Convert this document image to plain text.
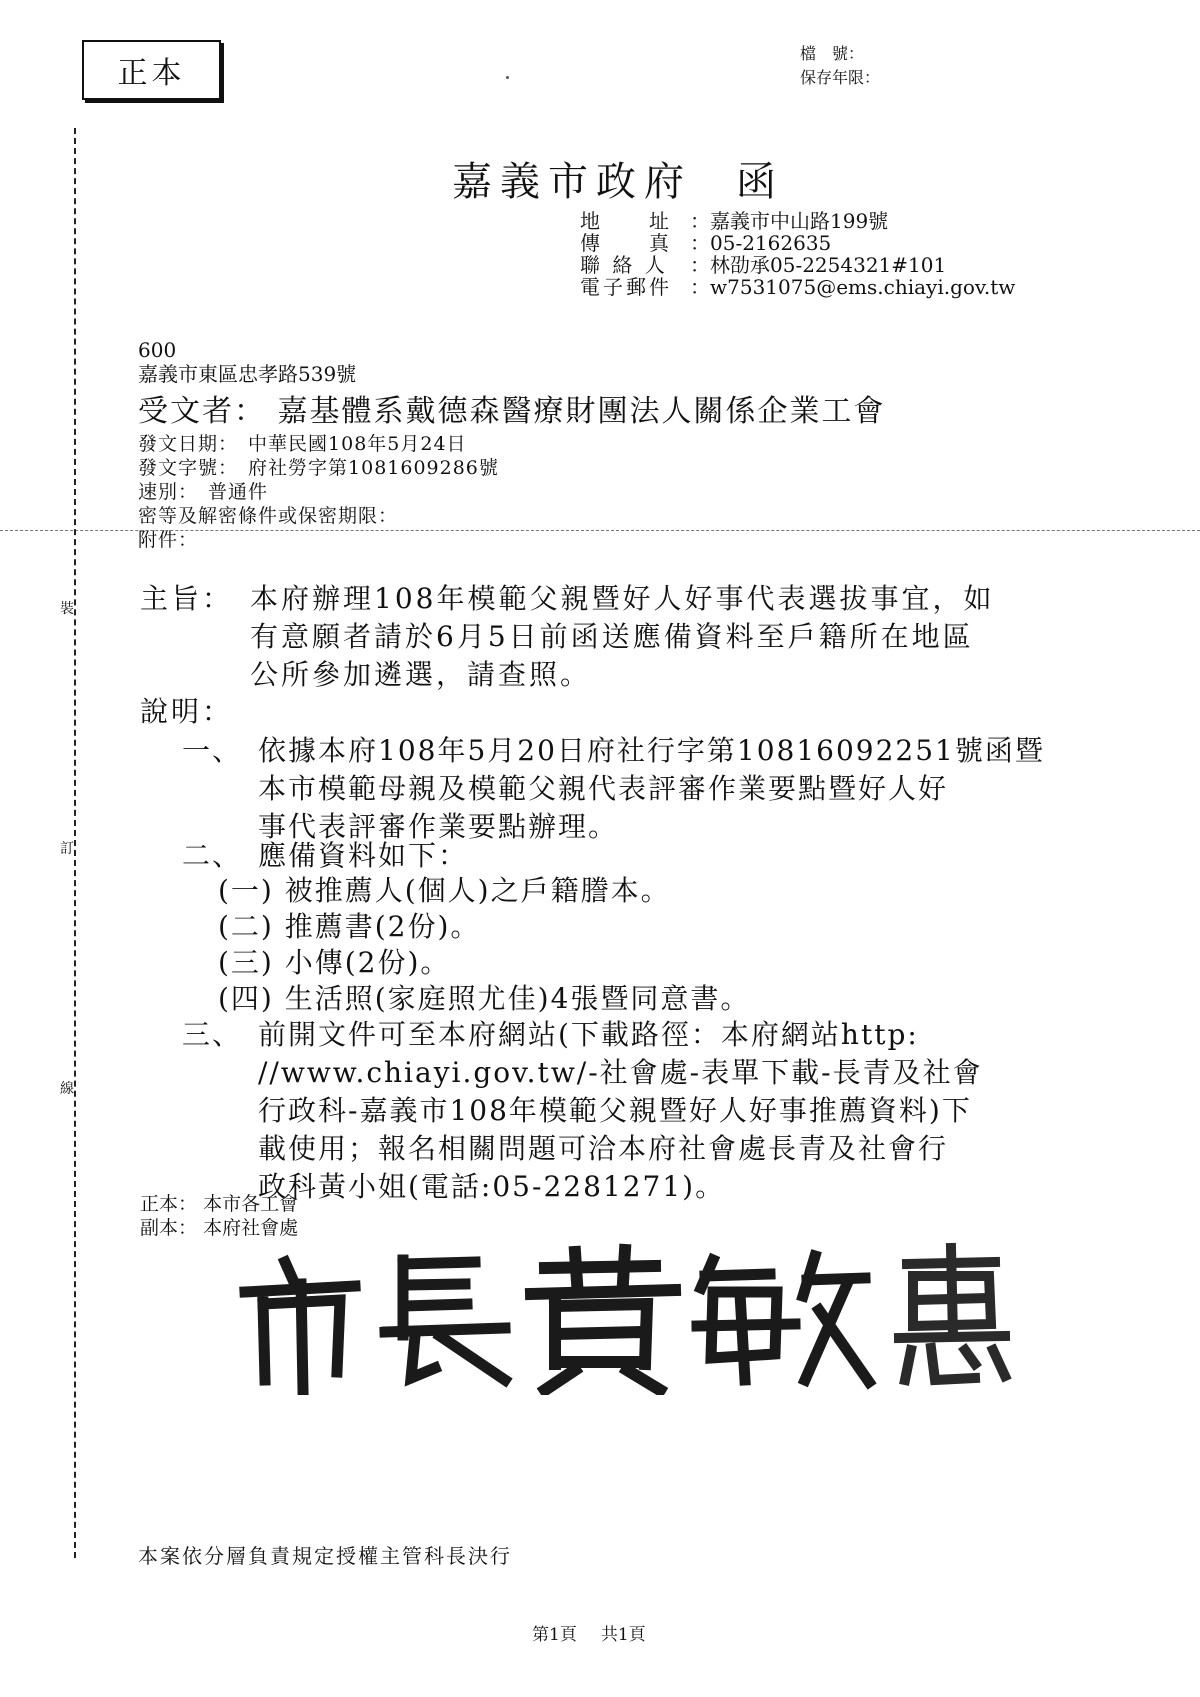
正本
檔　號：
保存年限：
嘉義市政府 函
地　　址 ：嘉義市中山路199號
傳　　真 ：05-2162635
聯 絡 人	：林劭承05-2254321#101
電子郵件 ：w7531075@ems.chiayi.gov.tw
600
嘉義市東區忠孝路539號
受文者： 嘉基體系戴德森醫療財團法人關係企業工會
發文日期： 中華民國108年5月24日
發文字號： 府社勞字第1081609286號
速別： 普通件
密等及解密條件或保密期限：
附件：
裝
訂
線
主旨： 本府辦理108年模範父親暨好人好事代表選拔事宜，如
有意願者請於6月5日前函送應備資料至戶籍所在地區
公所參加遴選，請查照。
說明：
一、 依據本府108年5月20日府社行字第10816092251號函暨
本市模範母親及模範父親代表評審作業要點暨好人好
事代表評審作業要點辦理。
二、 應備資料如下：
(一) 被推薦人(個人)之戶籍謄本。
(二) 推薦書(2份)。
(三) 小傳(2份)。
(四) 生活照(家庭照尤佳)4張暨同意書。
三、 前開文件可至本府網站(下載路徑：本府網站http:
//www.chiayi.gov.tw/-社會處-表單下載-長青及社會
行政科-嘉義市108年模範父親暨好人好事推薦資料)下
載使用；報名相關問題可洽本府社會處長青及社會行
政科黃小姐(電話:05-2281271)。
正本： 本市各工會
副本： 本府社會處
本案依分層負責規定授權主管科長決行
第1頁 共1頁
